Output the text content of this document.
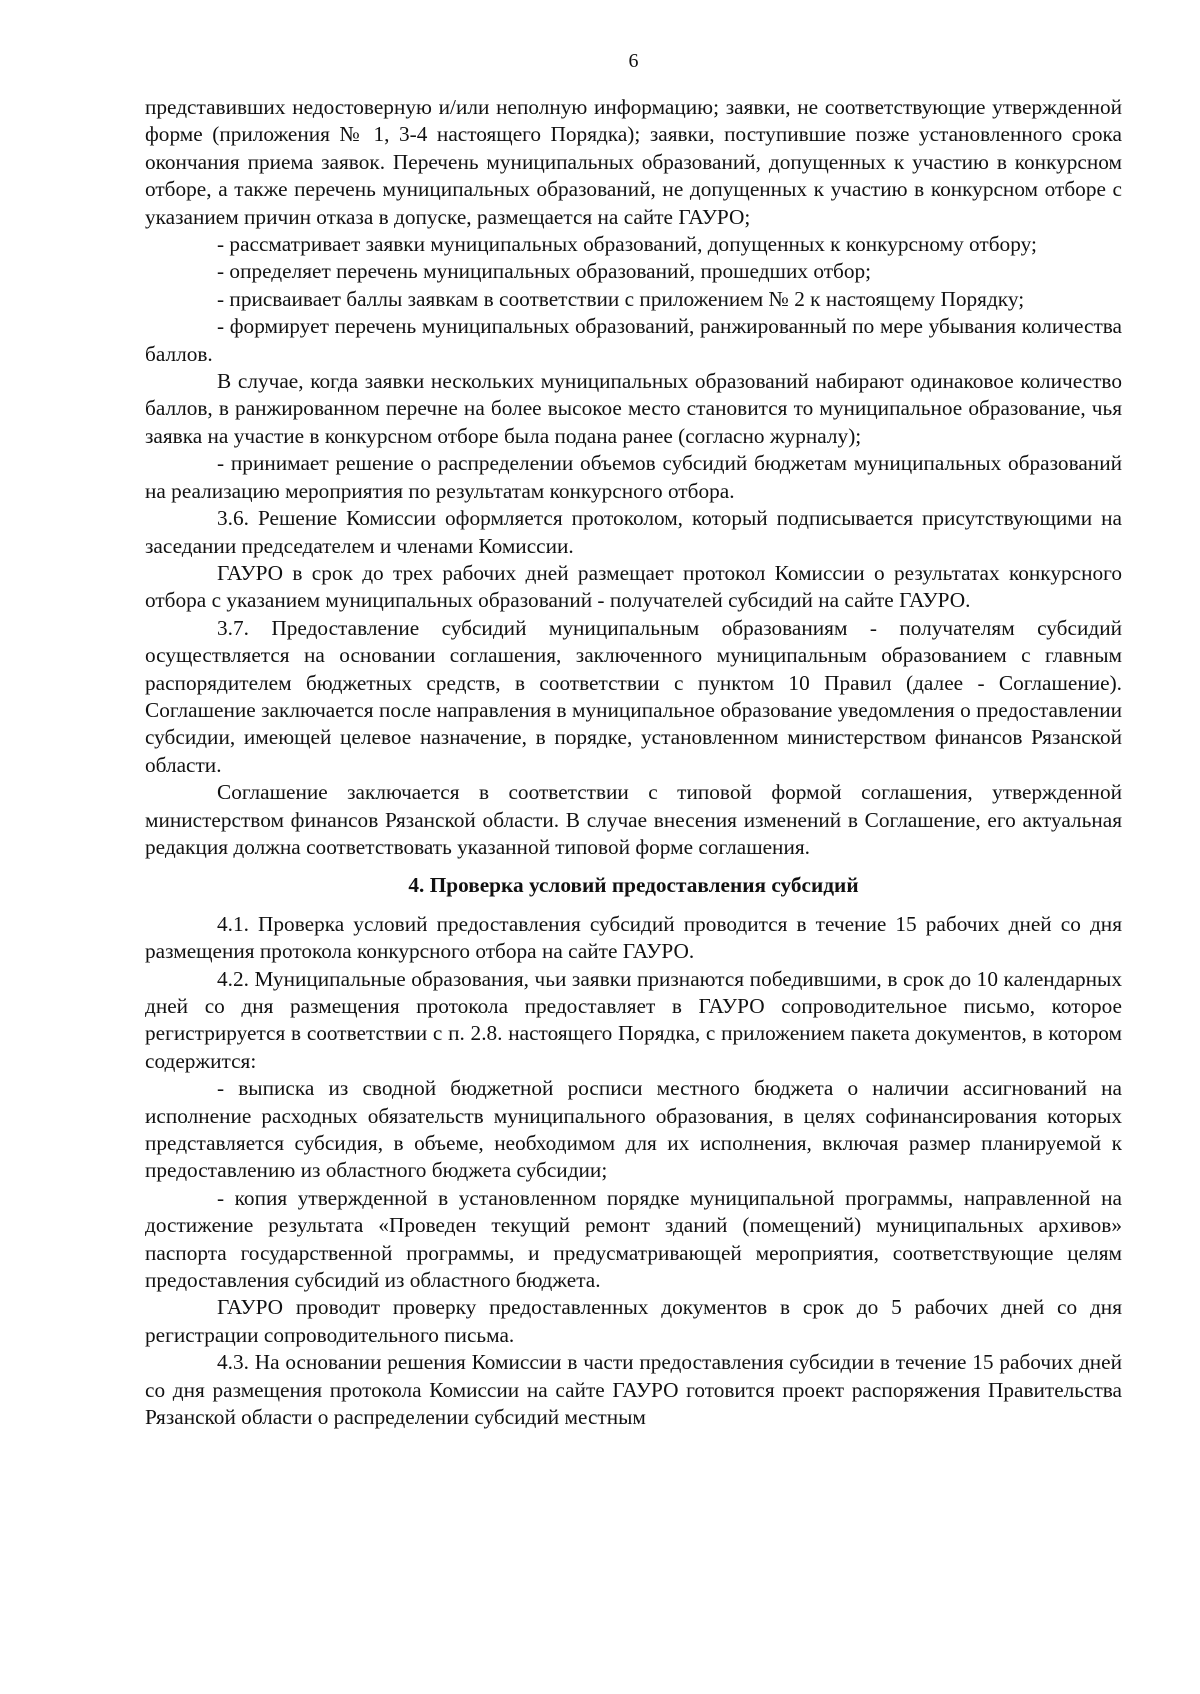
6

представивших недостоверную и/или неполную информацию; заявки, не соответствующие утвержденной форме (приложения № 1, 3-4 настоящего Порядка); заявки, поступившие позже установленного срока окончания приема заявок. Перечень муниципальных образований, допущенных к участию в конкурсном отборе, а также перечень муниципальных образований, не допущенных к участию в конкурсном отборе с указанием причин отказа в допуске, размещается на сайте ГАУРО;

- рассматривает заявки муниципальных образований, допущенных к конкурсному отбору;

- определяет перечень муниципальных образований, прошедших отбор;

- присваивает баллы заявкам в соответствии с приложением № 2 к настоящему Порядку;

- формирует перечень муниципальных образований, ранжированный по мере убывания количества баллов.

В случае, когда заявки нескольких муниципальных образований набирают одинаковое количество баллов, в ранжированном перечне на более высокое место становится то муниципальное образование, чья заявка на участие в конкурсном отборе была подана ранее (согласно журналу);

- принимает решение о распределении объемов субсидий бюджетам муниципальных образований на реализацию мероприятия по результатам конкурсного отбора.

3.6. Решение Комиссии оформляется протоколом, который подписывается присутствующими на заседании председателем и членами Комиссии.

ГАУРО в срок до трех рабочих дней размещает протокол Комиссии о результатах конкурсного отбора с указанием муниципальных образований - получателей субсидий на сайте ГАУРО.

3.7. Предоставление субсидий муниципальным образованиям - получателям субсидий осуществляется на основании соглашения, заключенного муниципальным образованием с главным распорядителем бюджетных средств, в соответствии с пунктом 10 Правил (далее - Соглашение). Соглашение заключается после направления в муниципальное образование уведомления о предоставлении субсидии, имеющей целевое назначение, в порядке, установленном министерством финансов Рязанской области.

Соглашение заключается в соответствии с типовой формой соглашения, утвержденной министерством финансов Рязанской области. В случае внесения изменений в Соглашение, его актуальная редакция должна соответствовать указанной типовой форме соглашения.

4. Проверка условий предоставления субсидий

4.1. Проверка условий предоставления субсидий проводится в течение 15 рабочих дней со дня размещения протокола конкурсного отбора на сайте ГАУРО.

4.2. Муниципальные образования, чьи заявки признаются победившими, в срок до 10 календарных дней со дня размещения протокола предоставляет в ГАУРО сопроводительное письмо, которое регистрируется в соответствии с п. 2.8. настоящего Порядка, с приложением пакета документов, в котором содержится:

- выписка из сводной бюджетной росписи местного бюджета о наличии ассигнований на исполнение расходных обязательств муниципального образования, в целях софинансирования которых представляется субсидия, в объеме, необходимом для их исполнения, включая размер планируемой к предоставлению из областного бюджета субсидии;

- копия утвержденной в установленном порядке муниципальной программы, направленной на достижение результата «Проведен текущий ремонт зданий (помещений) муниципальных архивов» паспорта государственной программы, и предусматривающей мероприятия, соответствующие целям предоставления субсидий из областного бюджета.

ГАУРО проводит проверку предоставленных документов в срок до 5 рабочих дней со дня регистрации сопроводительного письма.

4.3. На основании решения Комиссии в части предоставления субсидии в течение 15 рабочих дней со дня размещения протокола Комиссии на сайте ГАУРО готовится проект распоряжения Правительства Рязанской области о распределении субсидий местным
